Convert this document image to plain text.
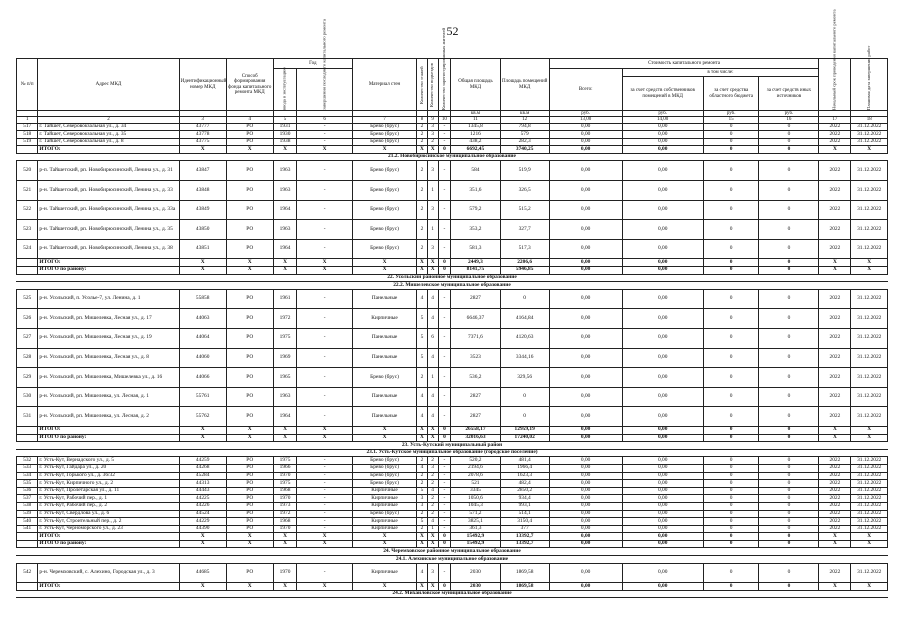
52
№ п/п	Адрес МКД	Идентификационный номер МКД	Способ формирования фонда капитального ремонта МКД	Год		Материал стен	Количество этажей	Количество подъездов	Количество зарегистрированных жителей	Общая площадь МКД	Площадь помещений МКД	Стоимость капитального ремонта				Начальный срок проведения капитального ремонта	Плановая дата завершения работ
				ввода в эксплуатацию	завершения последнего капитального ремонта							Всего:	в том числе:				
													за счет средств собственников помещений в МКД	за счет средства областного бюджета	за счет средств иных источников		
										кв.м	кв.м	руб.	руб.	руб.	руб.		
1	2	3	4	5	6	7	8	9	10	11	12	13,00	14,00	15	16	17	18
517	г. Тайшет, Северовокзальная ул., д. 34	43777	РО	1931	-	Брево (брус)	2	3	-	1345,8	794,8	0,00	0,00	0	0	2022	31.12.2022
518	г. Тайшет, Северовокзальная ул., д. 35	43778	РО	1930	-	Брево (брус)	2	3	-	1216	579	0,00	0,00	0	0	2022	31.12.2022
519	г. Тайшет, Северовокзальная ул., д. 8	43775	РО	1938	-	Брево (брус)	2	2	-	438,2	282,3	0,00	0,00	0	0	2022	31.12.2022
	ИТОГО:	X	X	X	X	X	X	X	0	6692,45	3740,25	0,00	0,00	0	0	X	X
21.2. Новобирюсинское муниципальное образование																	
520	р-п. Тайшетский, рп. Новобирюсинский, Ленина ул., д. 31	43847	РО	1963	-	Брево (брус)	2	3	-	584	519,9	0,00	0,00	0	0	2022	31.12.2022
521	р-н. Тайшетский, рп. Новобирюсинский, Ленина ул., д. 33	43848	РО	1963	-	Брево (брус)	2	1	-	351,6	326,5	0,00	0,00	0	0	2022	31.12.2022
522	р-н. Тайшетский, рп. Новобирюсинский, Ленина ул., д. 33а	43849	РО	1964	-	Брево (брус)	2	3	-	579,2	515,2	0,00	0,00	0	0	2022	31.12.2022
523	р-н. Тайшетский, рп. Новобирюсинский, Ленина ул., д. 35	43850	РО	1963	-	Брево (брус)	2	1	-	353,2	327,7	0,00	0,00	0	0	2022	31.12.2022
524	р-н. Тайшетский, рп. Новобирюсинский, Ленина ул., д. 38	43851	РО	1964	-	Брево (брус)	2	3	-	581,3	517,3	0,00	0,00	0	0	2022	31.12.2022
	ИТОГО:	X	X	X	X	X	X	X	0	2449,3	2206,6	0,00	0,00	0	0	X	X
	ИТОГО по району:	X	X	X	X	X	X	X	0	8141,75	5946,85	0,00	0,00	0	0	X	X
22. Усольский районное муниципальное образование																	
22.2. Мишелевское муниципальное образование																	
525	р-н. Усольский, п. Усолье-7, ул. Ленина, д. 1	55858	РО	1961	-	Панельные	4	4	-	2827	0	0,00	0,00	0	0	2022	31.12.2022
526	р-н. Усольский, рп. Мишелевка, Лесная ул., д. 17	44063	РО	1972	-	Кирпичные	5	4	-	6646,37	4164,84	0,00	0,00	0	0	2022	31.12.2022
527	р-н. Усольский, рп. Мишелевка, Лесная ул., д. 19	44064	РО	1975	-	Панельные	5	6	-	7371,6	4120,63	0,00	0,00	0	0	2022	31.12.2022
528	р-н. Усольский, рп. Мишелевка, Лесная ул., д. 8	44060	РО	1969	-	Панельные	5	4	-	3523	3344,16	0,00	0,00	0	0	2022	31.12.2022
529	р-н. Усольский, рп. Мишелевка, Мишелевка ул., д. 16	44066	РО	1965	-	Брево (брус)	2	1	-	536,2	329,56	0,00	0,00	0	0	2022	31.12.2022
530	р-н. Усольский, рп. Мишелевка, ул. Лесная, д. 1	55761	РО	1963	-	Панельные	4	4	-	2827	0	0,00	0,00	0	0	2022	31.12.2022
531	р-н. Усольский, рп. Мишелевка, ул. Лесная, д. 2	55762	РО	1964	-	Панельные	4	4	-	2827	0	0,00	0,00	0	0	2022	31.12.2022
	ИТОГО:	X	X	X	X	X	X	X	0	26558,17	12959,19	0,00	0,00	0	0	X	X
	ИТОГО по району:	X	X	X	X	X	X	X	0	32016,63	17240,02	0,00	0,00	0	0	X	X
23. Усть-Кутский муниципальный район																	
23.1. Усть-Кутское муниципальное образование (городское поселение)																	
532	г. Усть-Кут, Вернадского ул., д. 5	44259	РО	1975	-	Брево (брус)	2	2	-	520,2	481,4	0,00	0,00	0	0	2022	31.12.2022
533	г. Усть-Кут, Гайдара ул., д. 20	44268	РО	1966	-	Брево (брус)	4	3	-	2194,6	1966,4	0,00	0,00	0	0	2022	31.12.2022
534	г. Усть-Кут, Горького ул., д. 36/32	45284	РО	1970	-	Брево (брус)	2	2	-	2078,6	1623,3	0,00	0,00	0	0	2022	31.12.2022
535	г. Усть-Кут, Кирпичного ул., д. 2	44313	РО	1975	-	Брево (брус)	2	2	-	521	482,4	0,00	0,00	0	0	2022	31.12.2022
536	г. Усть-Кут, Пролетарская ул., д. 11	44443	РО	1968	-	Кирпичные	5	4	-	3345	2850,2	0,00	0,00	0	0	2022	31.12.2022
537	г. Усть-Кут, Рабочий пер., д. 1	44225	РО	1970	-	Кирпичные	3	2	-	1050,6	934,4	0,00	0,00	0	0	2022	31.12.2022
538	г. Усть-Кут, Рабочий пер., д. 2	44226	РО	1973	-	Кирпичные	3	2	-	1045,3	993,1	0,00	0,00	0	0	2022	31.12.2022
539	г. Усть-Кут, Свердлова ул., д. 6	44524	РО	1972	-	Брево (брус)	2	2	-	571,2	514,1	0,00	0,00	0	0	2022	31.12.2022
540	г. Усть-Кут, Строительный пер., д. 2	44229	РО	1968	-	Кирпичные	5	4	-	3825,1	3150,4	0,00	0,00	0	0	2022	31.12.2022
541	г. Усть-Кут, Черноморского ул., д. 23	44390	РО	1970	-	Кирпичные	2	1	-	361,3	377	0,00	0,00	0	0	2022	31.12.2022
	ИТОГО:	X	X	X	X	X	X	X	0	15492,9	13392,7	0,00	0,00	0	0	X	X
	ИТОГО по району:	X	X	X	X	X	X	X	0	15492,9	13392,7	0,00	0,00	0	0	X	X
24. Черемховское районное муниципальное образование																	
24.1. Алехинское муниципальное образование																	
542	р-н. Черемховский, с. Алехино, Городская ул., д. 3	44685	РО	1970	-	Кирпичные	4	3	-	2030	1869,58	0,00	0,00	0	0	2022	31.12.2022
	ИТОГО:	X	X	X	X	X	X	X	0	2030	1869,58	0,00	0,00	0	0	X	X
24.2. Михайловское муниципальное образование																	
